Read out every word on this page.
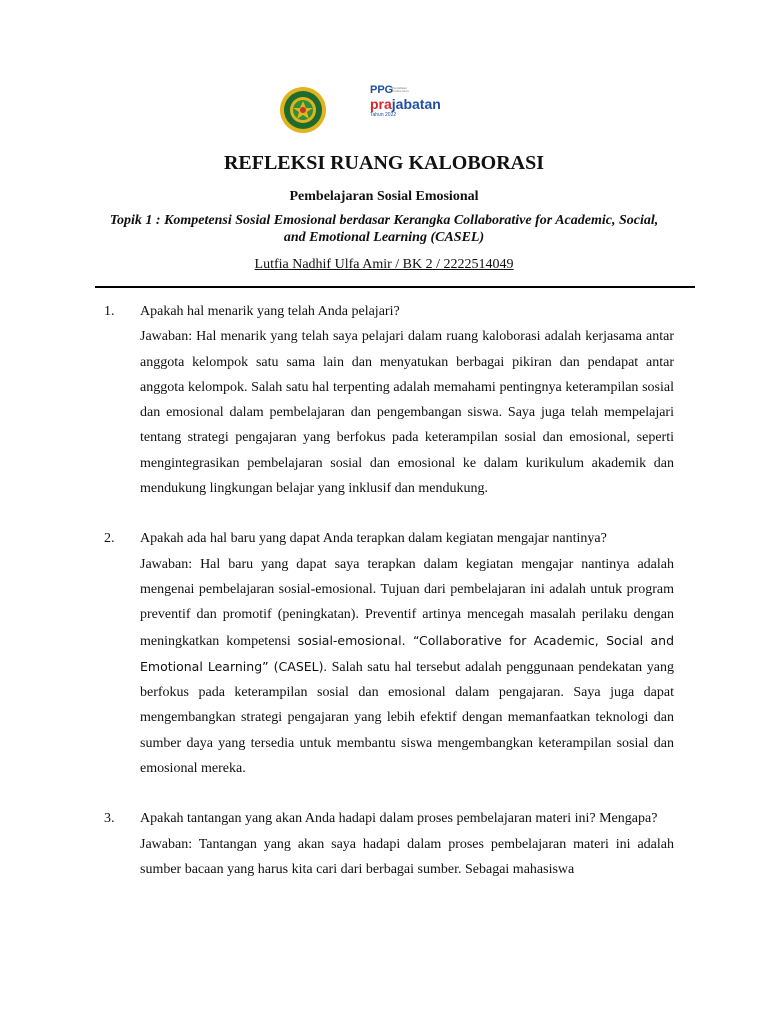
PPG
Pendidikan Profesi Guru
prajabatan
Tahun 2022
REFLEKSI RUANG KALOBORASI
Pembelajaran Sosial Emosional
Topik 1 : Kompetensi Sosial Emosional berdasar Kerangka Collaborative for Academic, Social, and Emotional Learning (CASEL)
Lutfia Nadhif Ulfa Amir / BK 2 / 2222514049
1.	Apakah hal menarik yang telah Anda pelajari?
Jawaban: Hal menarik yang telah saya pelajari dalam ruang kaloborasi adalah kerjasama antar anggota kelompok satu sama lain dan menyatukan berbagai pikiran dan pendapat antar anggota kelompok. Salah satu hal terpenting adalah memahami pentingnya keterampilan sosial dan emosional dalam pembelajaran dan pengembangan siswa. Saya juga telah mempelajari tentang strategi pengajaran yang berfokus pada keterampilan sosial dan emosional, seperti mengintegrasikan pembelajaran sosial dan emosional ke dalam kurikulum akademik dan mendukung lingkungan belajar yang inklusif dan mendukung.
2.	Apakah ada hal baru yang dapat Anda terapkan dalam kegiatan mengajar nantinya?
Jawaban: Hal baru yang dapat saya terapkan dalam kegiatan mengajar nantinya adalah mengenai pembelajaran sosial-emosional. Tujuan dari pembelajaran ini adalah untuk program preventif dan promotif (peningkatan). Preventif artinya mencegah masalah perilaku dengan meningkatkan kompetensi sosial-emosional. “Collaborative for Academic, Social and Emotional Learning” (CASEL). Salah satu hal tersebut adalah penggunaan pendekatan yang berfokus pada keterampilan sosial dan emosional dalam pengajaran. Saya juga dapat mengembangkan strategi pengajaran yang lebih efektif dengan memanfaatkan teknologi dan sumber daya yang tersedia untuk membantu siswa mengembangkan keterampilan sosial dan emosional mereka.
3.	Apakah tantangan yang akan Anda hadapi dalam proses pembelajaran materi ini? Mengapa?
Jawaban: Tantangan yang akan saya hadapi dalam proses pembelajaran materi ini adalah sumber bacaan yang harus kita cari dari berbagai sumber. Sebagai mahasiswa
